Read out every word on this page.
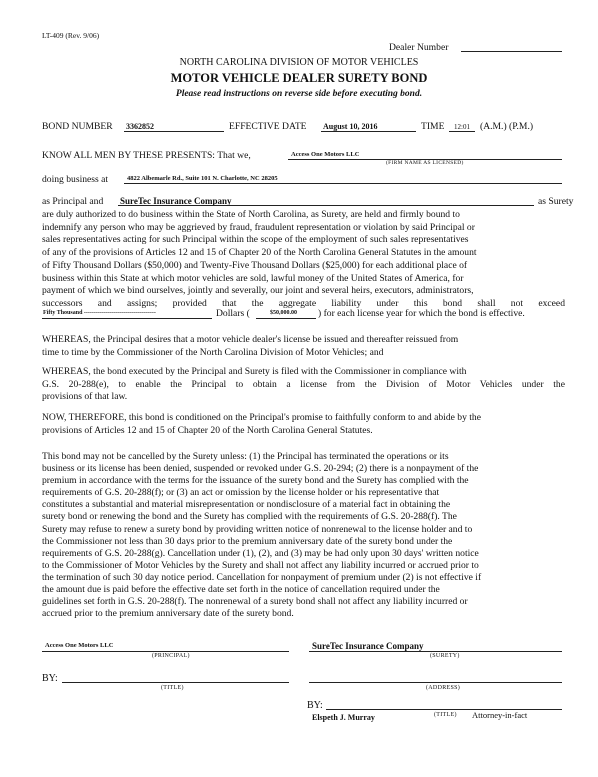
LT-409 (Rev. 9/06)
Dealer Number
NORTH CAROLINA DIVISION OF MOTOR VEHICLES
MOTOR VEHICLE DEALER SURETY BOND
Please read instructions on reverse side before executing bond.
BOND NUMBER 3362852	EFFECTIVE DATE August 10, 2016	TIME 12:01 (A.M.) (P.M.)
KNOW ALL MEN BY THESE PRESENTS: That we,	Access One Motors LLC
(FIRM NAME AS LICENSED)
doing business at	4822 Albemarle Rd., Suite 101 N. Charlotte, NC 28205
as Principal and SureTec Insurance Company	as Surety
are duly authorized to do business within the State of North Carolina, as Surety, are held and firmly bound to
indemnify any person who may be aggrieved by fraud, fraudulent representation or violation by said Principal or
sales representatives acting for such Principal within the scope of the employment of such sales representatives
of any of the provisions of Articles 12 and 15 of Chapter 20 of the North Carolina General Statutes in the amount
of Fifty Thousand Dollars ($50,000) and Twenty-Five Thousand Dollars ($25,000) for each additional place of
business within this State at which motor vehicles are sold, lawful money of the United States of America, for
payment of which we bind ourselves, jointly and severally, our joint and several heirs, executors, administrators,
successors and assigns; provided that the aggregate liability under this bond shall not exceed
Fifty Thousand ------------------------------------	Dollars (	$50,000.00 ) for each license year for which the bond is effective.
WHEREAS, the Principal desires that a motor vehicle dealer's license be issued and thereafter reissued from
time to time by the Commissioner of the North Carolina Division of Motor Vehicles; and
WHEREAS, the bond executed by the Principal and Surety is filed with the Commissioner in compliance with
G.S. 20-288(e), to enable the Principal to obtain a license from the Division of Motor Vehicles under the
provisions of that law.
NOW, THEREFORE, this bond is conditioned on the Principal's promise to faithfully conform to and abide by the
provisions of Articles 12 and 15 of Chapter 20 of the North Carolina General Statutes.
This bond may not be cancelled by the Surety unless: (1) the Principal has terminated the operations or its
business or its license has been denied, suspended or revoked under G.S. 20-294; (2) there is a nonpayment of the
premium in accordance with the terms for the issuance of the surety bond and the Surety has complied with the
requirements of G.S. 20-288(f); or (3) an act or omission by the license holder or his representative that
constitutes a substantial and material misrepresentation or nondisclosure of a material fact in obtaining the
surety bond or renewing the bond and the Surety has complied with the requirements of G.S. 20-288(f). The
Surety may refuse to renew a surety bond by providing written notice of nonrenewal to the license holder and to
the Commissioner not less than 30 days prior to the premium anniversary date of the surety bond under the
requirements of G.S. 20-288(g). Cancellation under (1), (2), and (3) may be had only upon 30 days' written notice
to the Commissioner of Motor Vehicles by the Surety and shall not affect any liability incurred or accrued prior to
the termination of such 30 day notice period. Cancellation for nonpayment of premium under (2) is not effective if
the amount due is paid before the effective date set forth in the notice of cancellation required under the
guidelines set forth in G.S. 20-288(f). The nonrenewal of a surety bond shall not affect any liability incurred or
accrued prior to the premium anniversary date of the surety bond.
Access One Motors LLC
(PRINCIPAL)
SureTec Insurance Company
(SURETY)
BY:
(TITLE)	(ADDRESS)
BY:
Elspeth J. Murray	(TITLE) Attorney-in-fact
